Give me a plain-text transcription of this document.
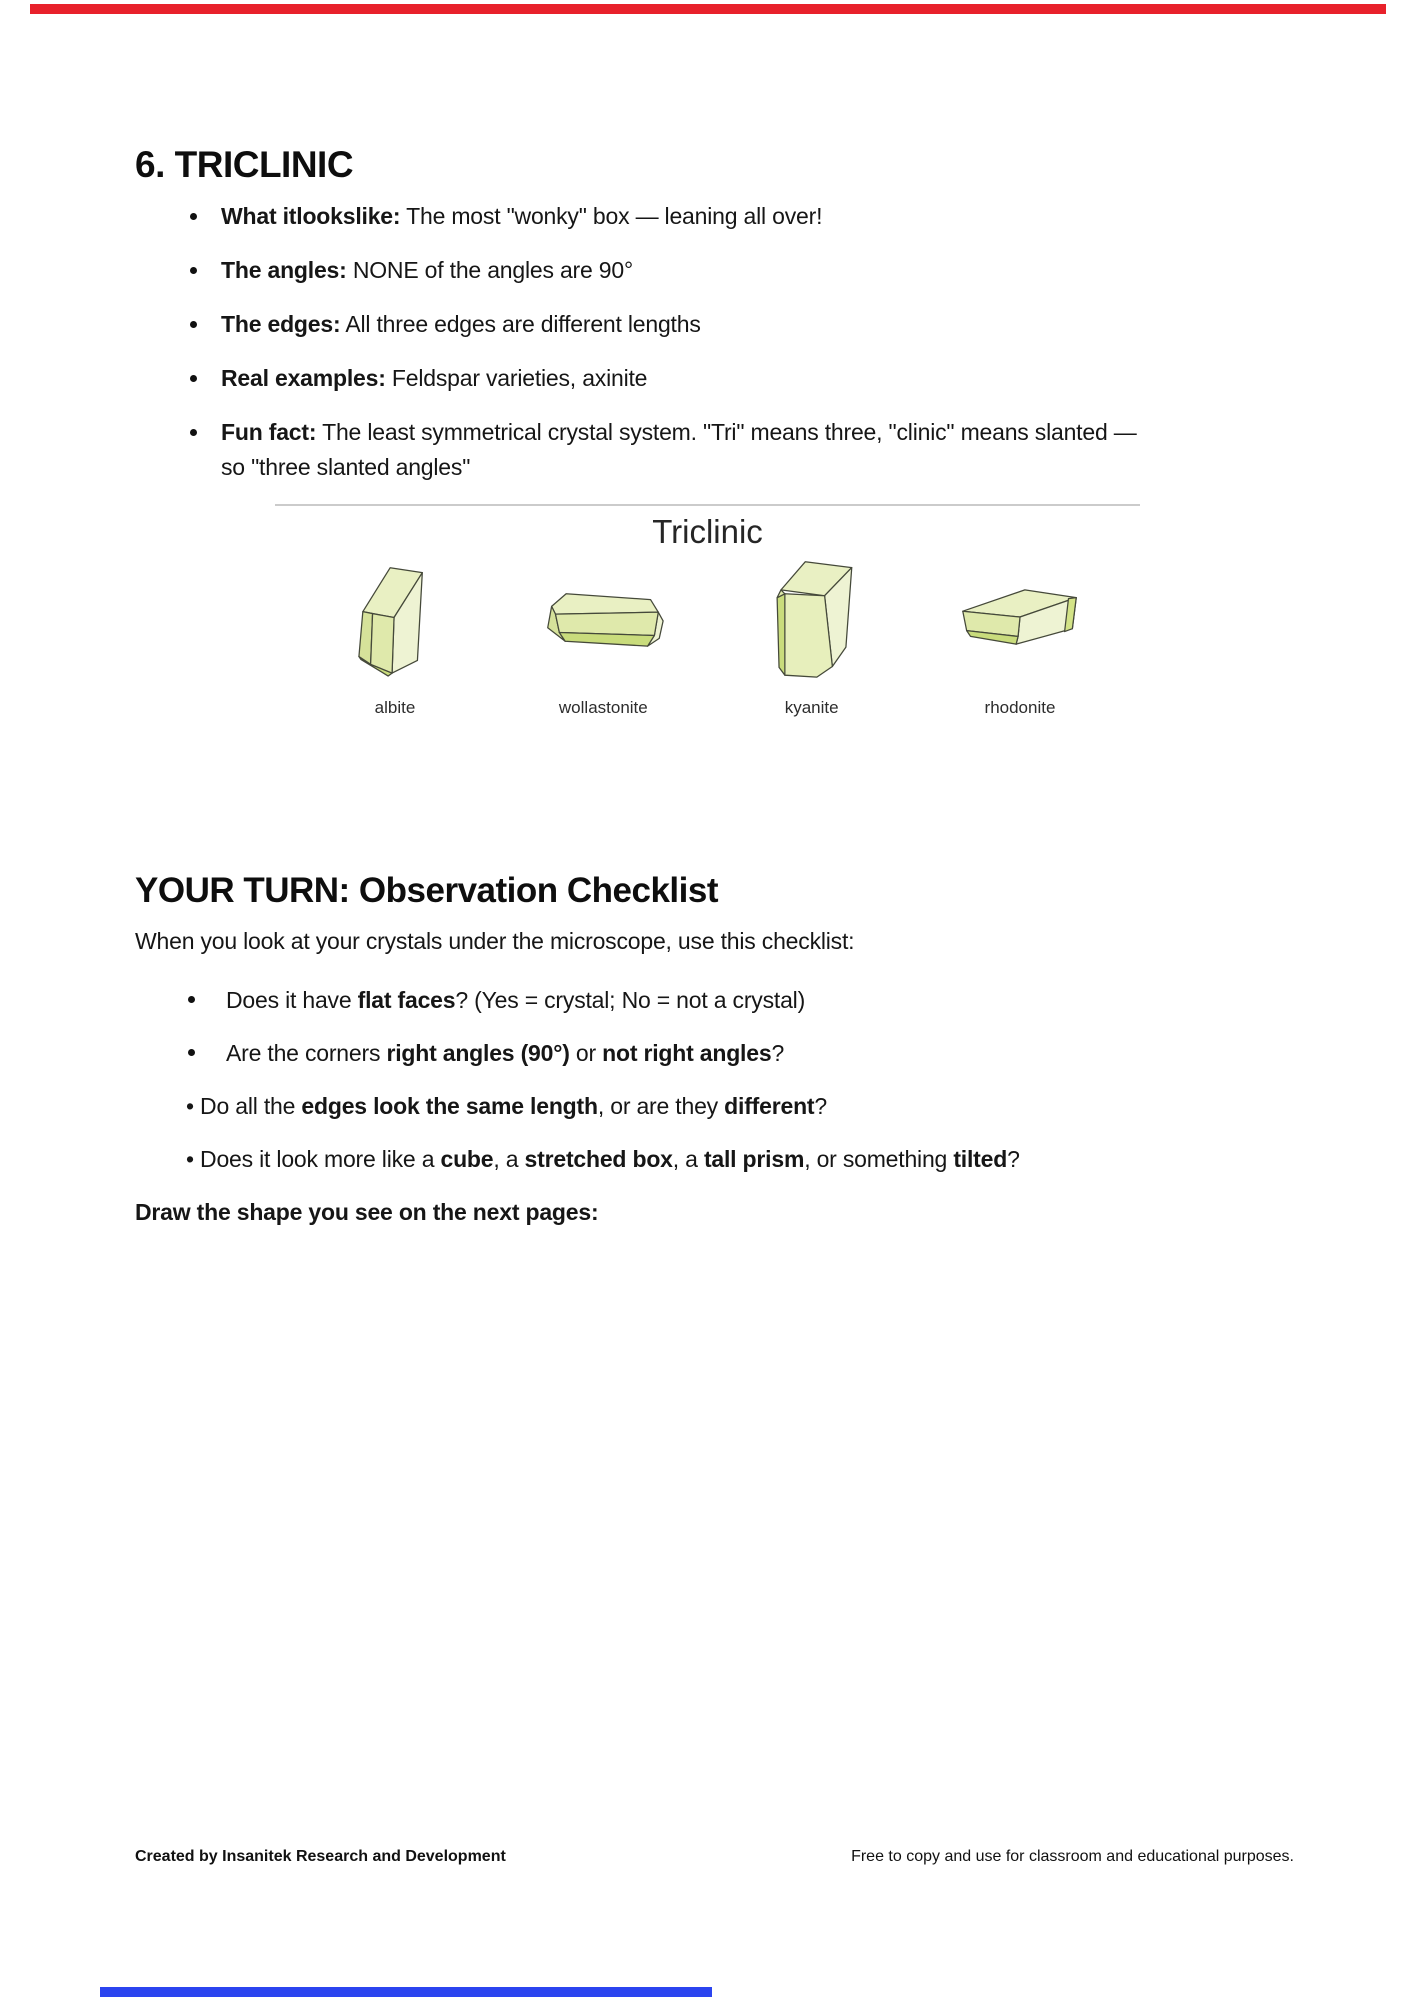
6. TRICLINIC
What itlookslike: The most "wonky" box — leaning all over!
The angles: NONE of the angles are 90°
The edges: All three edges are different lengths
Real examples: Feldspar varieties, axinite
Fun fact: The least symmetrical crystal system. "Tri" means three, "clinic" means slanted —
so "three slanted angles"
Triclinic
albite	wollastonite	kyanite	rhodonite
YOUR TURN: Observation Checklist

When you look at your crystals under the microscope, use this checklist:

Does it have flat faces? (Yes = crystal; No = not a crystal)
Are the corners right angles (90°) or not right angles?
• Do all the edges look the same length, or are they different?
• Does it look more like a cube, a stretched box, a tall prism, or something tilted?

Draw the shape you see on the next pages:

Created by Insanitek Research and Development	Free to copy and use for classroom and educational purposes.
